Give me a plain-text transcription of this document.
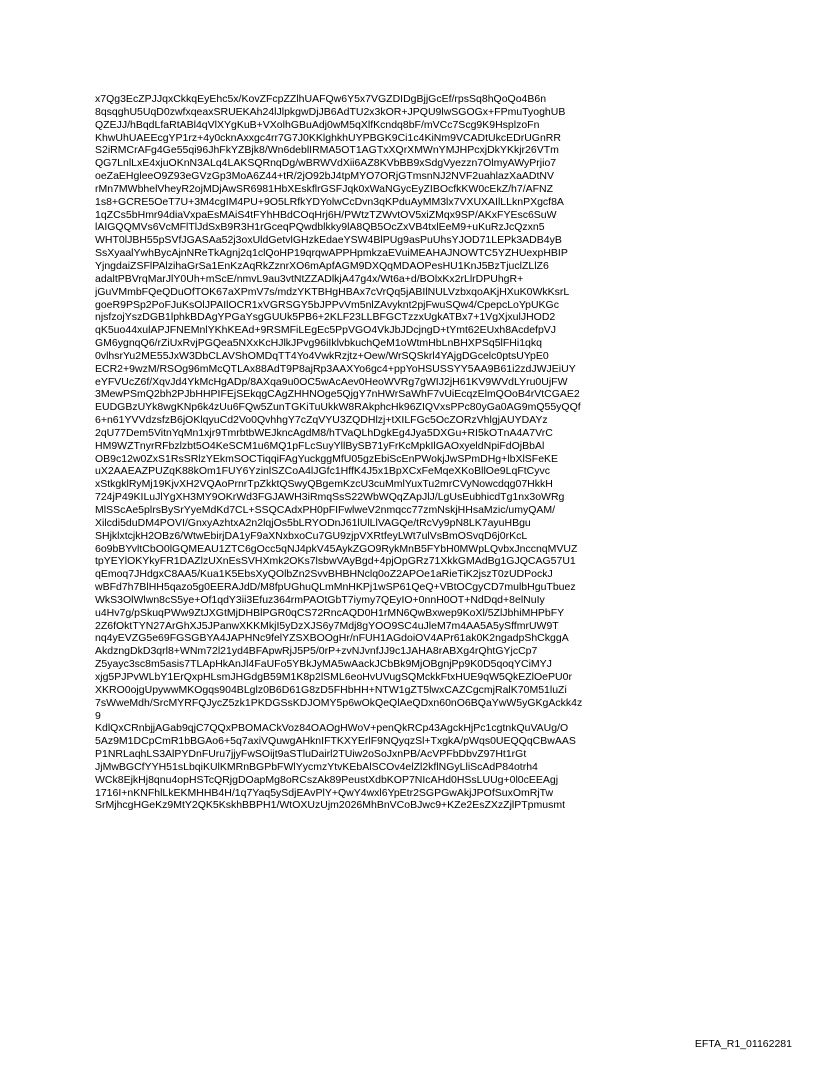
x7Qg3EcZPJJqxCkkqEyEhc5x/KovZFcpZZlhUAFQw6Y5x7VGZDIDgBjjGcEf/rpsSq8hQoQo4B6n
8qsqghU5UqD0zwfxqeaxSRUEKAh24lJlpkgwDjJB6AdTU2x3kOR+JPQU9lwSGOGx+FPmuTyoghUB
QZEJJ/hBqdLfaRtABl4qVlXYgKuB+VXolhGBuAdj0wM5qXlfKcndq8bF/mVCc7Scg9K9HsplzoFn
KhwUhUAEEcgYP1rz+4y0cknAxxgc4rr7G7J0KKlghkhUYPBGK9Ci1c4KiNm9VCADtUkcEDrUGnRR
S2iRMCrAFg4Ge55qi96JhFkYZBjk8/Wn6deblIRMA5OT1AGTxXQrXMWnYMJHPcxjDkYKkjr26VTm
QG7LnlLxE4xjuOKnN3ALq4LAKSQRnqDg/wBRWVdXii6AZ8KVbBB9xSdgVyezzn7OlmyAWyPrjio7
oeZaEHgleeO9Z93eGVzGp3MoA6Z44+tR/2jO92bJ4tpMYO7ORjGTmsnNJ2NVF2uahlazXaADtNV
rMn7MWbhelVheyR2ojMDjAwSR6981HbXEskflrGSFJqk0xWaNGycEyZIBOcfkKW0cEkZ/h7/AFNZ
1s8+GCRE5OeT7U+3M4cgIM4PU+9O5LRfkYDYolwCcDvn3qKPduAyMM3lx7VXUXAIlLLknPXgcf8A
1qZCs5bHmr94diaVxpaEsMAiS4tFYhHBdCOqHrj6H/PWtzTZWvtOV5xiZMqx9SP/AKxFYEsc6SuW
lAIGQQMVs6VcMFlTlJdSxB9R3H1rGceqPQwdblkky9lA8QB5OcZxVB4txlEeM9+uKuRzJcQzxn5
WHT0lJBH55pSVfJGASAa52j3oxUldGetvlGHzkEdaeYSW4BlPUg9asPuUhsYJOD71LEPk3ADB4yB
SsXyaalYwhBycAjnNReTkAgnj2q1clQoHP19qrqwAPPHpmkzaEVuiMEAHAJNOWTC5YZHUexpHBIP
YjngdaiZSFlPAlzihaGrSa1EnKzAqRkZznrXO6mApfAGM9DXQqMDAOPesHU1KnJ5BzTjuclZLlZ6
adaltPBVrqMarJlY0Uh+mScE/nmvL9au3vtNtZZADlkjA47g4x/Wt6a+d/BOlxKx2rLlrDPUhgR+
jGuVMmbFQeQDuOfTOK67aXPmV7s/mdzYKTBHgHBAx7cVrQq5jABIlNULVzbxqoAKjHXuK0WkKsrL
goeR9PSp2PoFJuKsOlJPAIlOCR1xVGRSGY5bJPPvVm5nlZAvyknt2pjFwuSQw4/CpepcLoYpUKGc
njsfzojYszDGB1lphkBDAgYPGaYsgGUUk5PB6+2KLF23LLBFGCTzzxUgkATBx7+1VgXjxulJHOD2
qK5uo44xulAPJFNEMnlYKhKEAd+9RSMFiLEgEc5PpVGO4VkJbJDcjngD+tYmt62EUxh8AcdefpVJ
GM6ygnqQ6/rZiUxRvjPGQea5NXxKcHJlkJPvg96iIklvbkuchQeM1oWtmHbLnBHXPSq5lFHi1qkq
0vlhsrYu2ME55JxW3DbCLAVShOMDqTT4Yo4VwkRzjtz+Oew/WrSQSkrl4YAjgDGcelc0ptsUYpE0
ECR2+9wzM/RSOg96mMcQTLAx88AdT9P8ajRp3AAXYo6gc4+ppYoHSUSSYY5AA9B61i2zdJWJEiUY
eYFVUcZ6f/XqvJd4YkMcHgADp/8AXqa9u0OC5wAcAev0HeoWVRg7gWIJ2jH61KV9WVdLYru0UjFW
3MewPSmQ2bh2PJbHHPIFEjSEkqgCAgZHHNOge5QjgY7nHWrSaWhF7vUiEcqzElmQOoB4rVtCGAE2
EUDGBzUYk8wgKNp6k4zUu6FQw5ZunTGKiTuUkkW8RAkphcHk96ZIQVxsPPc80yGa0AG9mQ55yQQf
6+n61YVVdzsfzB6jOKlqyuCd2Vo0QvhhgY7cZqVYU3ZQDHlzj+tXILFGc5OcZORzVhlgjAUYDAYz
2qU77Dem5VitnYqMn1xjr9TmrbtbWEJkncAgdM8/hTVaQLhDgkEg4Jya5DXGu+RI5kOTnA4A7VrC
HM9WZTnyrRFbzlzbt5O4KeSCM1u6MQ1pFLcSuyYllBySB71yFrKcMpkIlGAOxyeldNpiFdOjBbAl
OB9c12w0ZxS1RsSRlzYEkmSOCTiqqiFAgYuckggMfU05gzEbiScEnPWokjJwSPmDHg+lbXlSFeKE
uX2AAEAZPUZqK88kOm1FUY6YzinlSZCoA4lJGfc1HffK4J5x1BpXCxFeMqeXKoBllOe9LqFtCyvc
xStkgklRyMj19KjvXH2VQAoPrnrTpZkktQSwyQBgemKzcU3cuMmlYuxTu2mrCVyNowcdqg07HkkH
724jP49KILuJlYgXH3MY9OKrWd3FGJAWH3iRmqSsS22WbWQqZApJlJ/LgUsEubhicdTg1nx3oWRg
MlSScAe5plrsBySrYyeMdKd7CL+SSQCAdxPH0pFIFwlweV2nmqcc77zmNskjHHsaMzic/umyQAM/
Xilcdi5duDM4POVI/GnxyAzhtxA2n2lqjOs5bLRYODnJ61lUlLlVAGQe/tRcVy9pN8LK7ayuHBgu
SHjklxtcjkH2OBz6/WtwEbirjDA1yF9aXNxbxoCu7GU9zjpVXRtfeyLWt7ulVsBmOSvqD6j0rKcL
6o9bBYvltCbO0lGQMEAU1ZTC6gOcc5qNJ4pkV45AykZGO9RykMnB5FYbH0MWpLQvbxJnccnqMVUZ
tpYEYlOKYkyFR1DAZlzUXnEsSVHXmk2OKs7lsbwVAyBgd+4pjOpGRz71XkkGMAdBg1GJQCAG57U1
qEmoq7JHdgxC8AA5/Kua1K5EbsXyQOlbZn2SvvBHBHNclq0oZ2APOe1aRieTiK2jszT0zUDPockJ
wBFd7h7BlHH5qazo5g0EERAJdD/M8fpUGhuQLmMnHKPj1wSP61QeQ+VBtOCgyCD7mulbHguTbuez
WkS3OlWlwn8cS5ye+Of1qdY3ii3Efuz364rmPAOtGbT7iymy7QEyIO+0nnH0OT+NdDqd+8elNuIy
u4Hv7g/pSkuqPWw9ZtJXGtMjDHBlPGR0qCS72RncAQD0H1rMN6QwBxwep9KoXl/5ZlJbhiMHPbFY
2Z6fOktTYN27ArGhXJ5JPanwXKKMkjI5yDzXJS6y7Mdj8gYOO9SC4uJleM7m4AA5A5ySffmrUW9T
nq4yEVZG5e69FGSGBYA4JAPHNc9felYZSXBOOgHr/nFUH1AGdoiOV4APr61ak0K2ngadpShCkggA
AkdzngDkD3qrl8+WNm72l21yd4BFApwRjJ5P5/0rP+zvNJvnfJJ9c1JAHA8rABXg4rQhtGYjcCp7
Z5yayc3sc8m5asis7TLApHkAnJl4FaUFo5YBkJyMA5wAackJCbBk9MjOBgnjPp9K0D5qoqYCiMYJ
xjg5PJPvWLbY1ErQxpHLsmJHGdgB59M1K8p2lSML6eoHvUVugSQMckkFtxHUE9qW5QkEZlOePU0r
XKRO0ojgUpywwMKOgqs904BLglz0B6D61G8zD5FHbHH+NTW1gZT5lwxCAZCgcmjRalK70M51luZi
7sWweMdh/SrcMYRFQJycZ5zk1PKDGSsKDJOMY5p6wOkQeQlAeQDxn60nO6BQaYwW5yGKgAckk4z
9
KdlQxCRnbjjAGab9qjC7QQxPBOMACkVoz84OAOgHWoV+penQkRCp43AgckHjPc1cgtnkQuVAUg/O
5Az9M1DCpCmR1bBGAo6+5q7axiVQuwgAHknIFTKXYErlF9NQyqzSl+TxgkA/pWqs0UEQQqCBwAAS
P1NRLaqhLS3AlPYDnFUru7jjyFwSOijt9aSTluDairl2TUiw2oSoJxnPB/AcVPFbDbvZ97Ht1rGt
JjMwBGCfYYH51sLbqiKUlKMRnBGPbFWlYycmzYtvKEbAlSCOv4elZl2kflNGyLliScAdP84otrh4
WCk8EjkHj8qnu4opHSTcQRjgDOapMg8oRCszAk89PeustXdbKOP7NIcAHd0HSsLUUg+0l0cEEAgj
1716I+nKNFhlLkEKMHHB4H/1q7Yaq5ySdjEAvPlY+QwY4wxl6YpEtr2SGPGwAkjJPOfSuxOmRjTw
SrMjhcgHGeKz9MtY2QK5KskhBBPH1/WtOXUzUjm2026MhBnVCoBJwc9+KZe2EsZXzZjlPTpmusmt
EFTA_R1_01162281
